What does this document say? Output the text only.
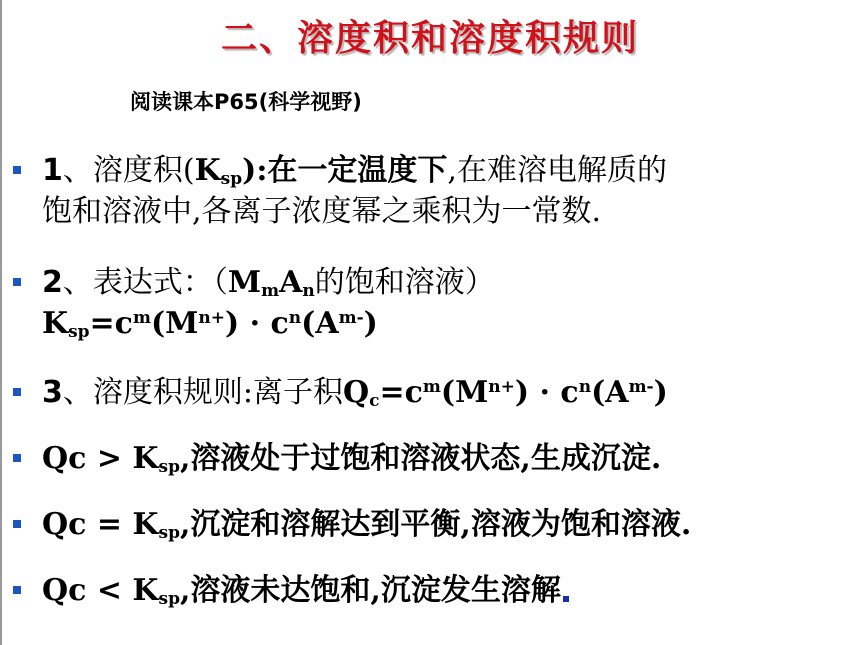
二、溶度积和溶度积规则
阅读课本P65(科学视野)
1、溶度积$(K_{sp})$:在一定温度下,在难溶电解质的
饱和溶液中,各离子浓度幂之乘积为一常数.
2、表达式：（$M_mA_n$的饱和溶液）
$K_{sp}=c^m(M^{n+}) \cdot c^n(A^{m-})$
3、溶度积规则:离子积$Q_c=c^m(M^{n+}) \cdot c^n(A^{m-})$
$Qc > K_{sp}$,溶液处于过饱和溶液状态,生成沉淀.
$Qc = K_{sp}$,沉淀和溶解达到平衡,溶液为饱和溶液.
$Qc < K_{sp}$,溶液未达饱和,沉淀发生溶解
